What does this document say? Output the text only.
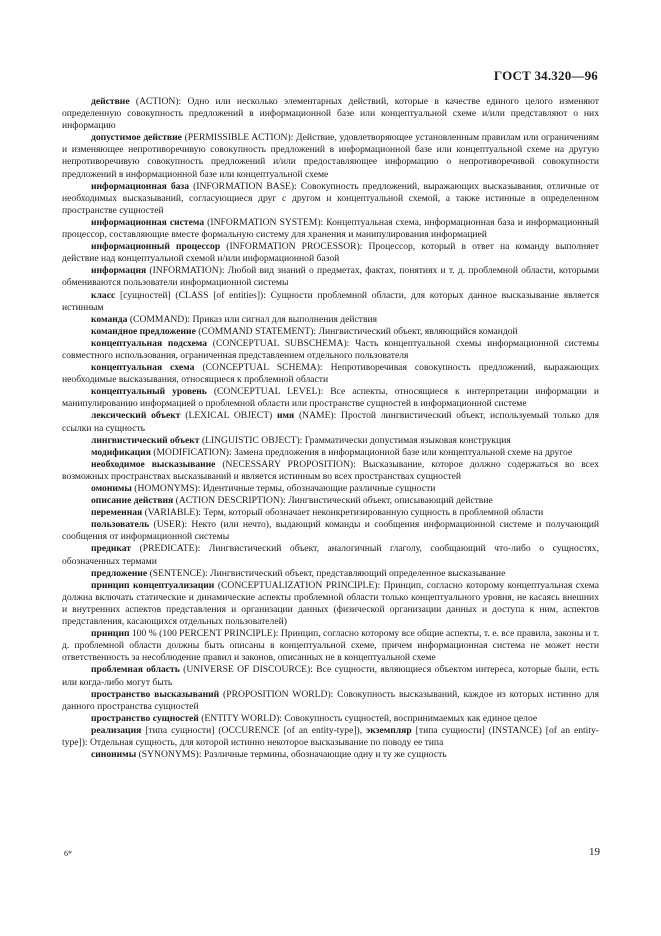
ГОСТ 34.320—96

действие (ACTION): Одно или несколько элементарных действий, которые в качестве единого целого изменяют определенную совокупность предложений в информационной базе или концептуальной схеме и/или представляют о них информацию

допустимое действие (PERMISSIBLE ACTION): Действие, удовлетворяющее установленным правилам или ограничениям и изменяющее непротиворечивую совокупность предложений в информационной базе или концептуальной схеме на другую непротиворечивую совокупность предложений и/или предоставляющее информацию о непротиворечивой совокупности предложений в информационной базе или концептуальной схеме

информационная база (INFORMATION BASE): Совокупность предложений, выражающих высказывания, отличные от необходимых высказываний, согласующиеся друг с другом и концептуальной схемой, а также истинные в определенном пространстве сущностей

информационная система (INFORMATION SYSTEM): Концептуальная схема, информационная база и информационный процессор, составляющие вместе формальную систему для хранения и манипулирования информацией

информационный процессор (INFORMATION PROCESSOR): Процессор, который в ответ на команду выполняет действие над концептуальной схемой и/или информационной базой

информация (INFORMATION): Любой вид знаний о предметах, фактах, понятиях и т. д. проблемной области, которыми обмениваются пользователи информационной системы

класс [сущностей] (CLASS [of entities]): Сущности проблемной области, для которых данное высказывание является истинным

команда (COMMAND): Приказ или сигнал для выполнения действия

командное предложение (COMMAND STATEMENT): Лингвистический объект, являющийся командой

концептуальная подсхема (CONCEPTUAL SUBSCHEMA): Часть концептуальной схемы информационной системы совместного использования, ограниченная представлением отдельного пользователя

концептуальная схема (CONCEPTUAL SCHEMA): Непротиворечивая совокупность предложений, выражающих необходимые высказывания, относящиеся к проблемной области

концептуальный уровень (CONCEPTUAL LEVEL): Все аспекты, относящиеся к интерпретации информации и манипулированию информацией о проблемной области или пространстве сущностей в информационной системе

лексический объект (LEXICAL OBJECT) имя (NAME): Простой лингвистический объект, используемый только для ссылки на сущность

лингвистический объект (LINGUISTIC OBJECT): Грамматически допустимая языковая конструкция

модификация (MODIFICATION): Замена предложения в информационной базе или концептуальной схеме на другое

необходимое высказывание (NECESSARY PROPOSITION): Высказывание, которое должно содержаться во всех возможных пространствах высказываний и является истинным во всех пространствах сущностей

омонимы (HOMONYMS): Идентичные термы, обозначающие различные сущности

описание действия (ACTION DESCRIPTION): Лингвистический объект, описывающий действие

переменная (VARIABLE): Терм, который обозначает неконкретизированную сущность в проблемной области

пользователь (USER): Некто (или нечто), выдающий команды и сообщения информационной системе и получающий сообщения от информационной системы

предикат (PREDICATE): Лингвистический объект, аналогичный глаголу, сообщающий что-либо о сущностях, обозначенных термами

предложение (SENTENCE): Лингвистический объект, представляющий определенное высказывание

принцип концептуализации (CONCEPTUALIZATION PRINCIPLE): Принцип, согласно которому концептуальная схема должна включать статические и динамические аспекты проблемной области только концептуального уровня, не касаясь внешних и внутренних аспектов представления и организации данных (физической организации данных и доступа к ним, аспектов представления, касающихся отдельных пользователей)

принцип 100 % (100 PERCENT PRINCIPLE): Принцип, согласно которому все общие аспекты, т. е. все правила, законы и т. д. проблемной области должны быть описаны в концептуальной схеме, причем информационная система не может нести ответственность за несоблюдение правил и законов, описанных не в концептуальной схеме

проблемная область (UNIVERSE OF DISCOURCE): Все сущности, являющиеся объектом интереса, которые были, есть или когда-либо могут быть

пространство высказываний (PROPOSITION WORLD): Совокупность высказываний, каждое из которых истинно для данного пространства сущностей

пространство сущностей (ENTITY WORLD): Совокупность сущностей, воспринимаемых как единое целое

реализация [типа сущности] (OCCURENCE [of an entity-type]), экземпляр [типа сущности] (INSTANCE) [of an entity-type]): Отдельная сущность, для которой истинно некоторое высказывание по поводу ее типа

синонимы (SYNONYMS): Различные термины, обозначающие одну и ту же сущность

6*	19
